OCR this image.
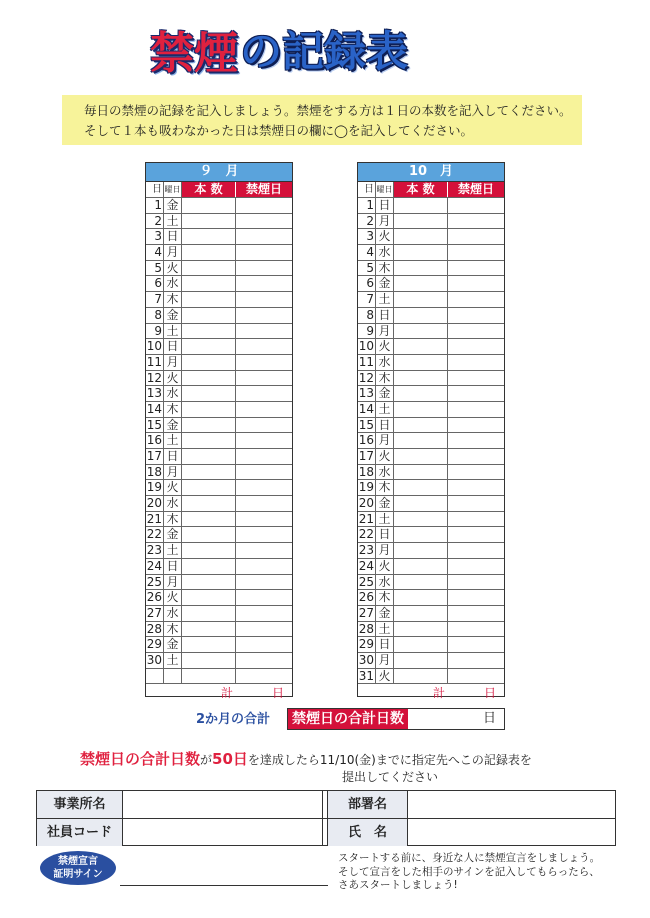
禁煙 の記録表
毎日の禁煙の記録を記入しましょう。禁煙をする方は１日の本数を記入してください。
そして１本も吸わなかった日は禁煙日の欄に◯を記入してください。
９　月
日 曜日	本 数	禁煙日
1 金
2 土
3 日
4 月
5 火
6 水
7 木
8 金
9 土
10 日
11 月
12 火
13 水
14 木
15 金
16 土
17 日
18 月
19 火
20 水
21 木
22 金
23 土
24 日
25 月
26 火
27 水
28 木
29 金
30 土
計	日
10　月
日 曜日	本 数	禁煙日
1 日
2 月
3 火
4 水
5 木
6 金
7 土
8 日
9 月
10 火
11 水
12 木
13 金
14 土
15 日
16 月
17 火
18 水
19 木
20 金
21 土
22 日
23 月
24 火
25 水
26 木
27 金
28 土
29 日
30 月
31 火
計	日
2か月の合計 禁煙日の合計日数	日
禁煙日の合計日数が50日を達成したら11/10(金)までに指定先へこの記録表を
提出してください
事業所名	部署名
社員コード	氏　名
禁煙宣言
証明サイン
スタートする前に、身近な人に禁煙宣言をしましょう。
そして宣言をした相手のサインを記入してもらったら、
さあスタートしましょう!
